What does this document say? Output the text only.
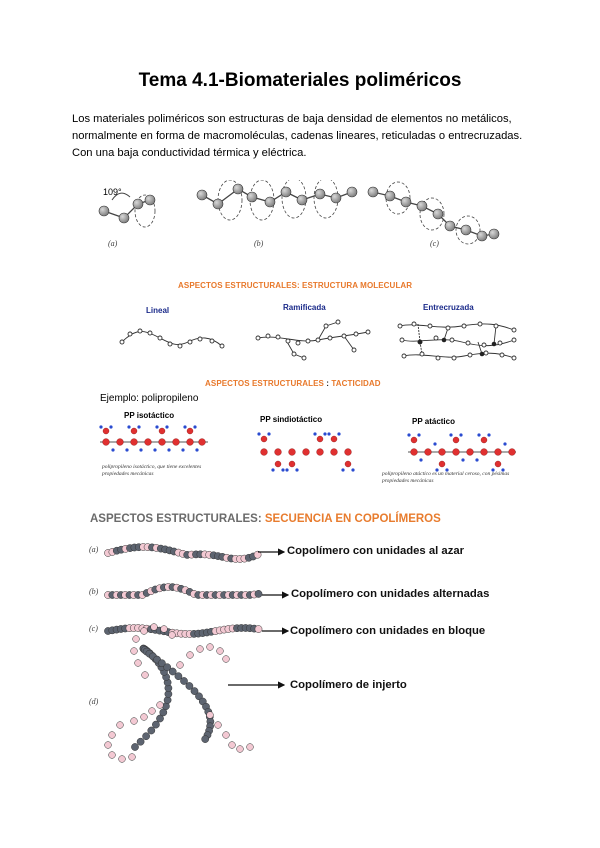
Tema 4.1-Biomateriales poliméricos
Los materiales poliméricos son estructuras de baja densidad de elementos no metálicos, normalmente en forma de macromoléculas, cadenas lineares, reticuladas o entrecruzadas. Con una baja conductividad térmica y eléctrica.
109°
(a)	(b)	(c)
ASPECTOS ESTRUCTURALES: ESTRUCTURA MOLECULAR
Lineal	Ramificada	Entrecruzada
ASPECTOS ESTRUCTURALES : TACTICIDAD
Ejemplo: polipropileno
PP isotáctico	PP sindiotáctico	PP atáctico
polipropileno isotáctico, que tiene excelentes propiedades mecánicas	polipropileno atáctico es un material ceroso, con pésimas propiedades mecánicas
ASPECTOS ESTRUCTURALES: SECUENCIA EN COPOLÍMEROS
(a)
(b)
(c)
(d)
Copolímero con unidades al azar
Copolímero con unidades alternadas
Copolímero con unidades en bloque
Copolímero de injerto
